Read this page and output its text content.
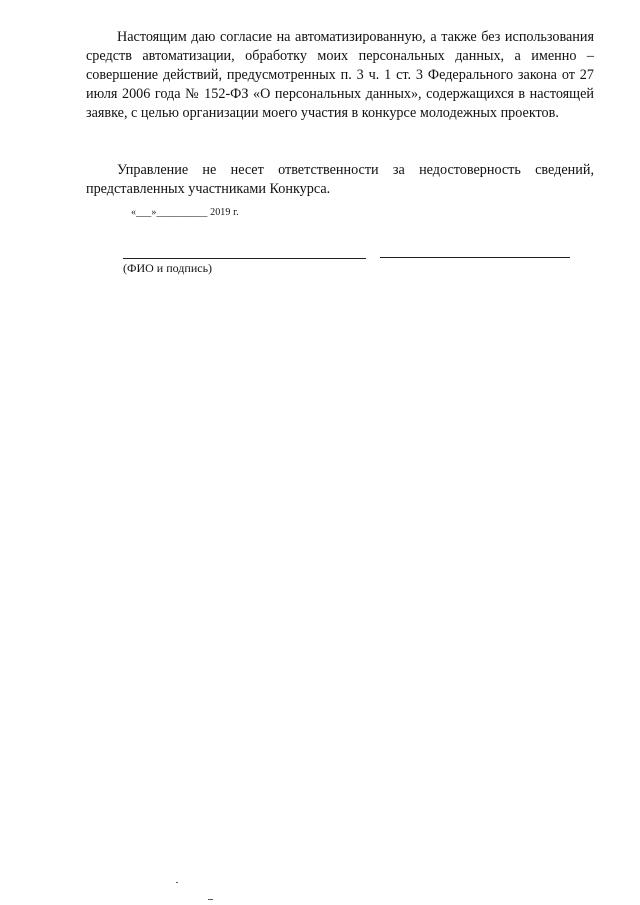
Настоящим даю согласие на автоматизированную, а также без использования средств автоматизации, обработку моих персональных данных, а именно – совершение действий, предусмотренных п. 3 ч. 1 ст. 3 Федерального закона от 27 июля 2006 года № 152-ФЗ «О персональных данных», содержащихся в настоящей заявке, с целью организации моего участия в конкурсе молодежных проектов.

Управление не несет ответственности за недостоверность сведений, представленных участниками Конкурса.

«___»__________ 2019 г.
(ФИО и подпись)
